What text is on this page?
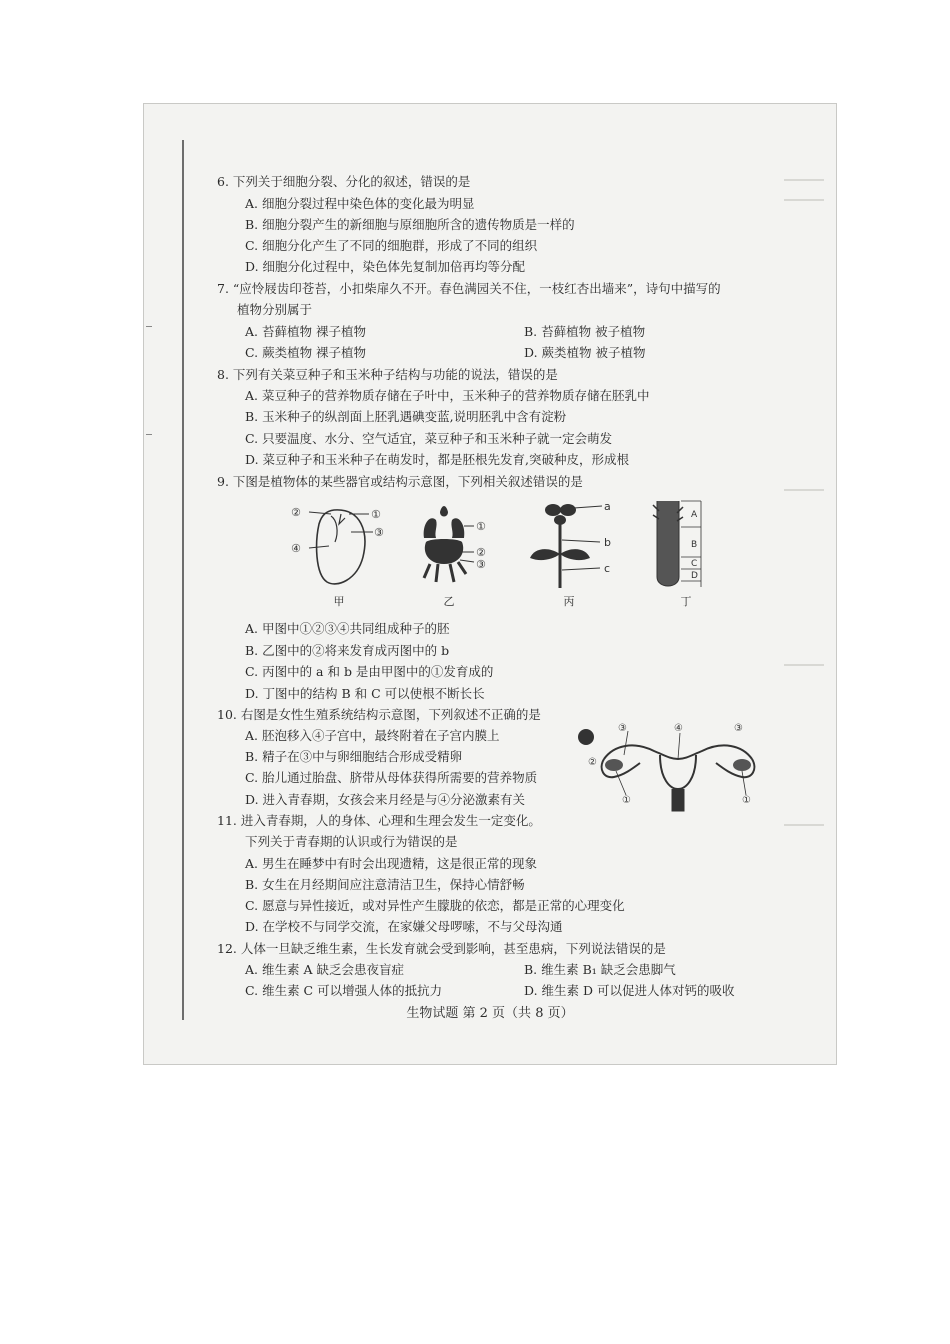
6. 下列关于细胞分裂、分化的叙述，错误的是
A. 细胞分裂过程中染色体的变化最为明显
B. 细胞分裂产生的新细胞与原细胞所含的遗传物质是一样的
C. 细胞分化产生了不同的细胞群，形成了不同的组织
D. 细胞分化过程中，染色体先复制加倍再均等分配
7. “应怜屐齿印苍苔，小扣柴扉久不开。春色满园关不住，一枝红杏出墙来”，诗句中描写的
植物分别属于
A. 苔藓植物 裸子植物	B. 苔藓植物 被子植物
C. 蕨类植物 裸子植物	D. 蕨类植物 被子植物
8. 下列有关菜豆种子和玉米种子结构与功能的说法，错误的是
A. 菜豆种子的营养物质存储在子叶中，玉米种子的营养物质存储在胚乳中
B. 玉米种子的纵剖面上胚乳遇碘变蓝,说明胚乳中含有淀粉
C. 只要温度、水分、空气适宜，菜豆种子和玉米种子就一定会萌发
D. 菜豆种子和玉米种子在萌发时，都是胚根先发育,突破种皮，形成根
9. 下图是植物体的某些器官或结构示意图，下列相关叙述错误的是
②
④
①
③
甲
①
②
③
乙
a
b
c
丙
A
B
C
D
丁
A. 甲图中①②③④共同组成种子的胚
B. 乙图中的②将来发育成丙图中的 b
C. 丙图中的 a 和 b 是由甲图中的①发育成的
D. 丁图中的结构 B 和 C 可以使根不断长长
10. 右图是女性生殖系统结构示意图，下列叙述不正确的是
A. 胚泡移入④子宫中，最终附着在子宫内膜上
B. 精子在③中与卵细胞结合形成受精卵
C. 胎儿通过胎盘、脐带从母体获得所需要的营养物质
D. 进入青春期，女孩会来月经是与④分泌激素有关
③	④	③
②
①	①
11. 进入青春期，人的身体、心理和生理会发生一定变化。
下列关于青春期的认识或行为错误的是
A. 男生在睡梦中有时会出现遗精，这是很正常的现象
B. 女生在月经期间应注意清洁卫生，保持心情舒畅
C. 愿意与异性接近，或对异性产生朦胧的依恋，都是正常的心理变化
D. 在学校不与同学交流，在家嫌父母啰嗦，不与父母沟通
12. 人体一旦缺乏维生素，生长发育就会受到影响，甚至患病，下列说法错误的是
A. 维生素 A 缺乏会患夜盲症	B. 维生素 B₁ 缺乏会患脚气
C. 维生素 C 可以增强人体的抵抗力	D. 维生素 D 可以促进人体对钙的吸收
生物试题 第 2 页（共 8 页）
